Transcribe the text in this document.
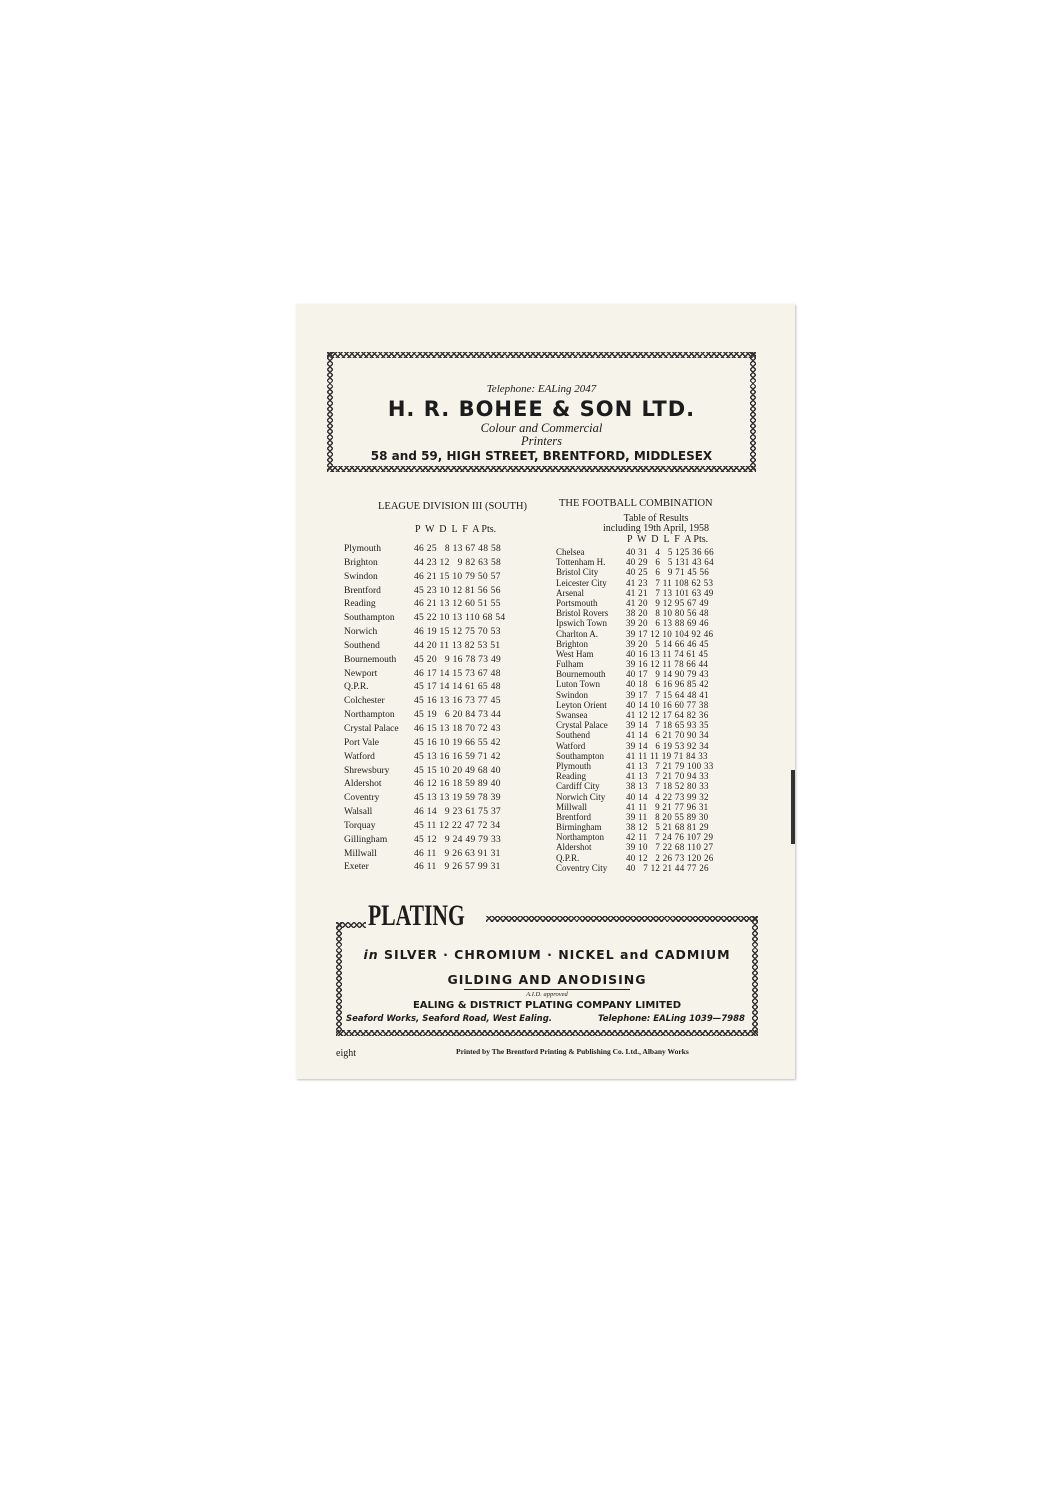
Telephone: EALing 2047
H. R. BOHEE & SON LTD.
Colour and Commercial
Printers
58 and 59, HIGH STREET, BRENTFORD, MIDDLESEX
LEAGUE DIVISION III (SOUTH)
P  W  D  L  F  A Pts.
Plymouth	46 25   8 13 67 48 58
Brighton	44 23 12   9 82 63 58
Swindon	46 21 15 10 79 50 57
Brentford	45 23 10 12 81 56 56
Reading	46 21 13 12 60 51 55
Southampton 45 22 10 13 110 68 54
Norwich	46 19 15 12 75 70 53
Southend	44 20 11 13 82 53 51
Bournemouth 45 20   9 16 78 73 49
Newport	46 17 14 15 73 67 48
Q.P.R.	45 17 14 14 61 65 48
Colchester	45 16 13 16 73 77 45
Northampton 45 19   6 20 84 73 44
Crystal Palace 46 15 13 18 70 72 43
Port Vale	45 16 10 19 66 55 42
Watford	45 13 16 16 59 71 42
Shrewsbury	45 15 10 20 49 68 40
Aldershot	46 12 16 18 59 89 40
Coventry	45 13 13 19 59 78 39
Walsall	46 14   9 23 61 75 37
Torquay	45 11 12 22 47 72 34
Gillingham	45 12   9 24 49 79 33
Millwall	46 11   9 26 63 91 31
Exeter	46 11   9 26 57 99 31
THE FOOTBALL COMBINATION
Table of Results
including 19th April, 1958
P  W  D  L  F  A Pts.
Chelsea	40 31   4   5 125 36 66
Tottenham H. 40 29   6   5 131 43 64
Bristol City	40 25   6   9 71 45 56
Leicester City 41 23   7 11 108 62 53
Arsenal	41 21   7 13 101 63 49
Portsmouth	41 20   9 12 95 67 49
Bristol Rovers 38 20   8 10 80 56 48
Ipswich Town 39 20   6 13 88 69 46
Charlton A.	39 17 12 10 104 92 46
Brighton	39 20   5 14 66 46 45
West Ham	40 16 13 11 74 61 45
Fulham	39 16 12 11 78 66 44
Bournemouth 40 17   9 14 90 79 43
Luton Town	40 18   6 16 96 85 42
Swindon	39 17   7 15 64 48 41
Leyton Orient 40 14 10 16 60 77 38
Swansea	41 12 12 17 64 82 36
Crystal Palace 39 14   7 18 65 93 35
Southend	41 14   6 21 70 90 34
Watford	39 14   6 19 53 92 34
Southampton 41 11 11 19 71 84 33
Plymouth	41 13   7 21 79 100 33
Reading	41 13   7 21 70 94 33
Cardiff City	38 13   7 18 52 80 33
Norwich City 40 14   4 22 73 99 32
Millwall	41 11   9 21 77 96 31
Brentford	39 11   8 20 55 89 30
Birmingham	38 12   5 21 68 81 29
Northampton 42 11   7 24 76 107 29
Aldershot	39 10   7 22 68 110 27
Q.P.R.	40 12   2 26 73 120 26
Coventry City 40   7 12 21 44 77 26
PLATING
in SILVER · CHROMIUM · NICKEL and CADMIUM
GILDING AND ANODISING
A.I.D. approved
EALING & DISTRICT PLATING COMPANY LIMITED
Seaford Works, Seaford Road, West Ealing.	Telephone: EALing 1039—7988
eight	Printed by The Brentford Printing & Publishing Co. Ltd., Albany Works
